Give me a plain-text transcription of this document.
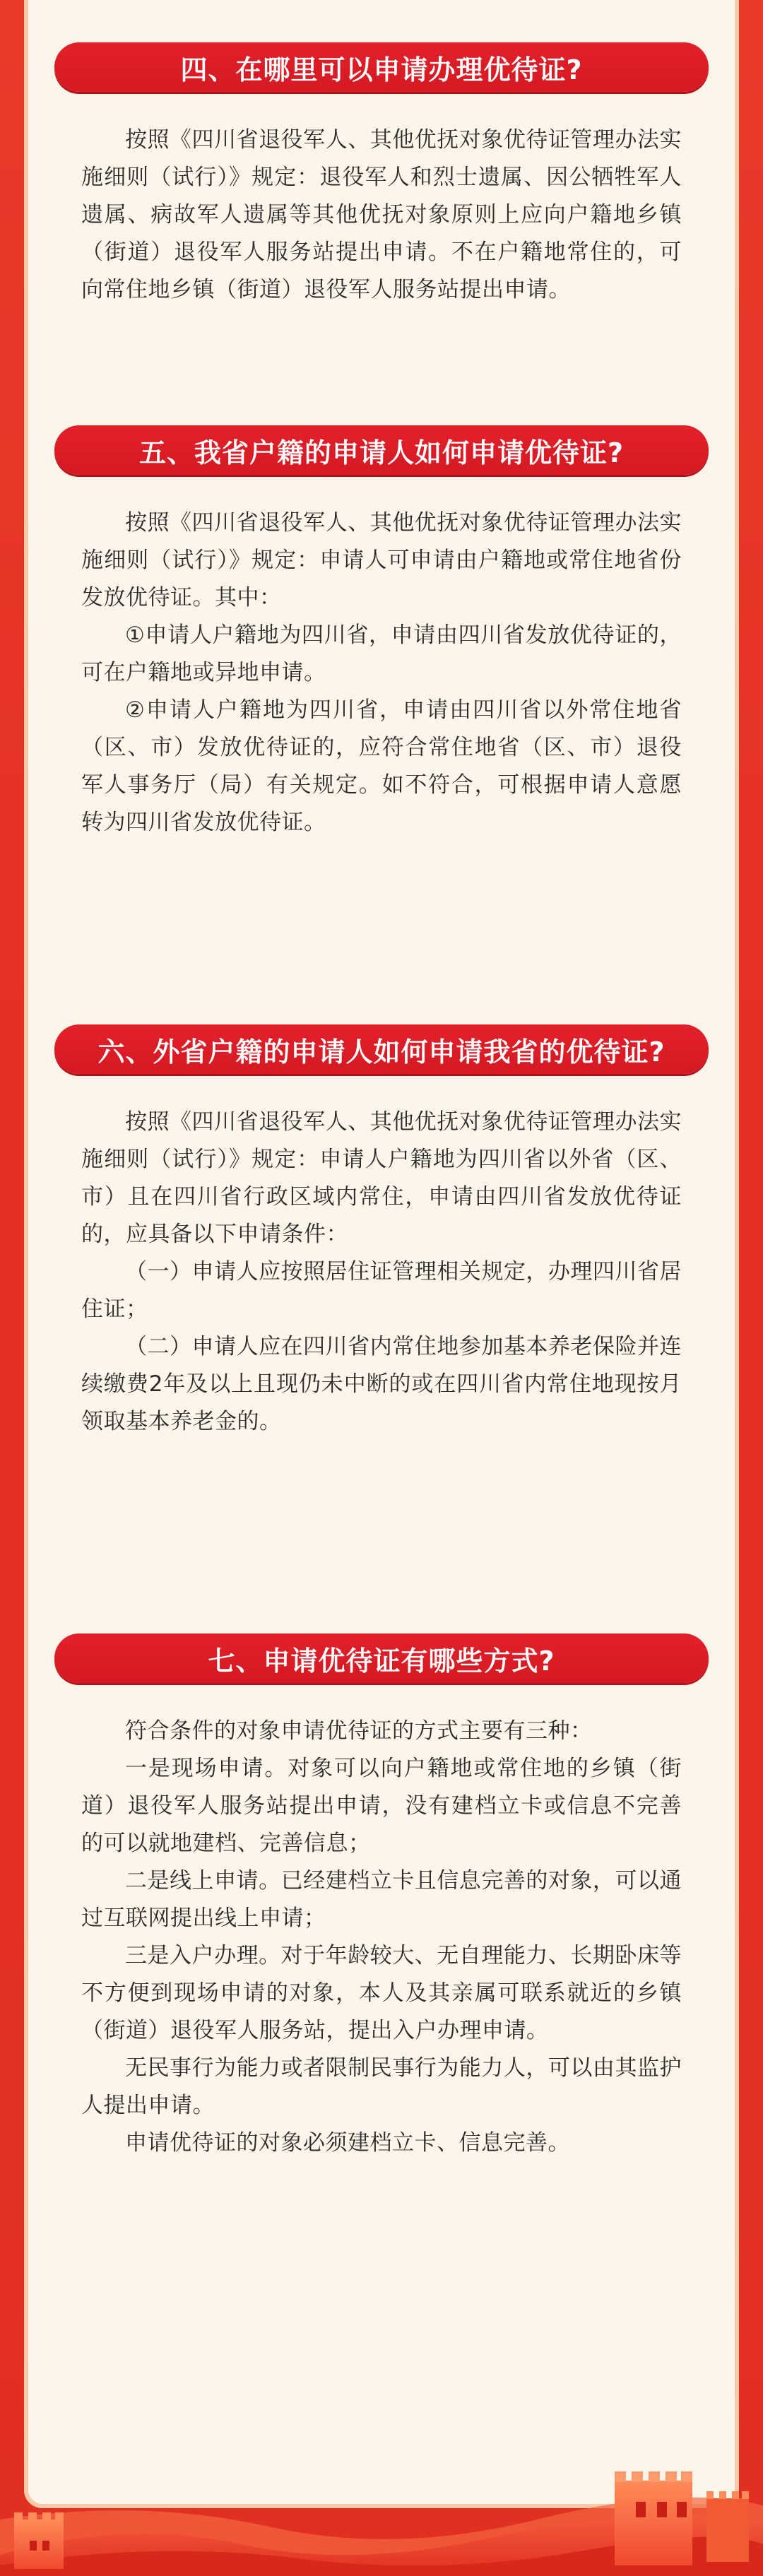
四、在哪里可以申请办理优待证?

按照《四川省退役军人、其他优抚对象优待证管理办法实施细则（试行）》规定：退役军人和烈士遗属、因公牺牲军人遗属、病故军人遗属等其他优抚对象原则上应向户籍地乡镇（街道）退役军人服务站提出申请。不在户籍地常住的，可向常住地乡镇（街道）退役军人服务站提出申请。

五、我省户籍的申请人如何申请优待证?

按照《四川省退役军人、其他优抚对象优待证管理办法实施细则（试行）》规定：申请人可申请由户籍地或常住地省份发放优待证。其中：

①申请人户籍地为四川省，申请由四川省发放优待证的，可在户籍地或异地申请。

②申请人户籍地为四川省，申请由四川省以外常住地省（区、市）发放优待证的，应符合常住地省（区、市）退役军人事务厅（局）有关规定。如不符合，可根据申请人意愿转为四川省发放优待证。

六、外省户籍的申请人如何申请我省的优待证?

按照《四川省退役军人、其他优抚对象优待证管理办法实施细则（试行）》规定：申请人户籍地为四川省以外省（区、市）且在四川省行政区域内常住，申请由四川省发放优待证的，应具备以下申请条件：

（一）申请人应按照居住证管理相关规定，办理四川省居住证；

（二）申请人应在四川省内常住地参加基本养老保险并连续缴费2年及以上且现仍未中断的或在四川省内常住地现按月领取基本养老金的。

七、申请优待证有哪些方式?

符合条件的对象申请优待证的方式主要有三种：

一是现场申请。对象可以向户籍地或常住地的乡镇（街道）退役军人服务站提出申请，没有建档立卡或信息不完善的可以就地建档、完善信息；

二是线上申请。已经建档立卡且信息完善的对象，可以通过互联网提出线上申请；

三是入户办理。对于年龄较大、无自理能力、长期卧床等不方便到现场申请的对象，本人及其亲属可联系就近的乡镇（街道）退役军人服务站，提出入户办理申请。

无民事行为能力或者限制民事行为能力人，可以由其监护人提出申请。

申请优待证的对象必须建档立卡、信息完善。
